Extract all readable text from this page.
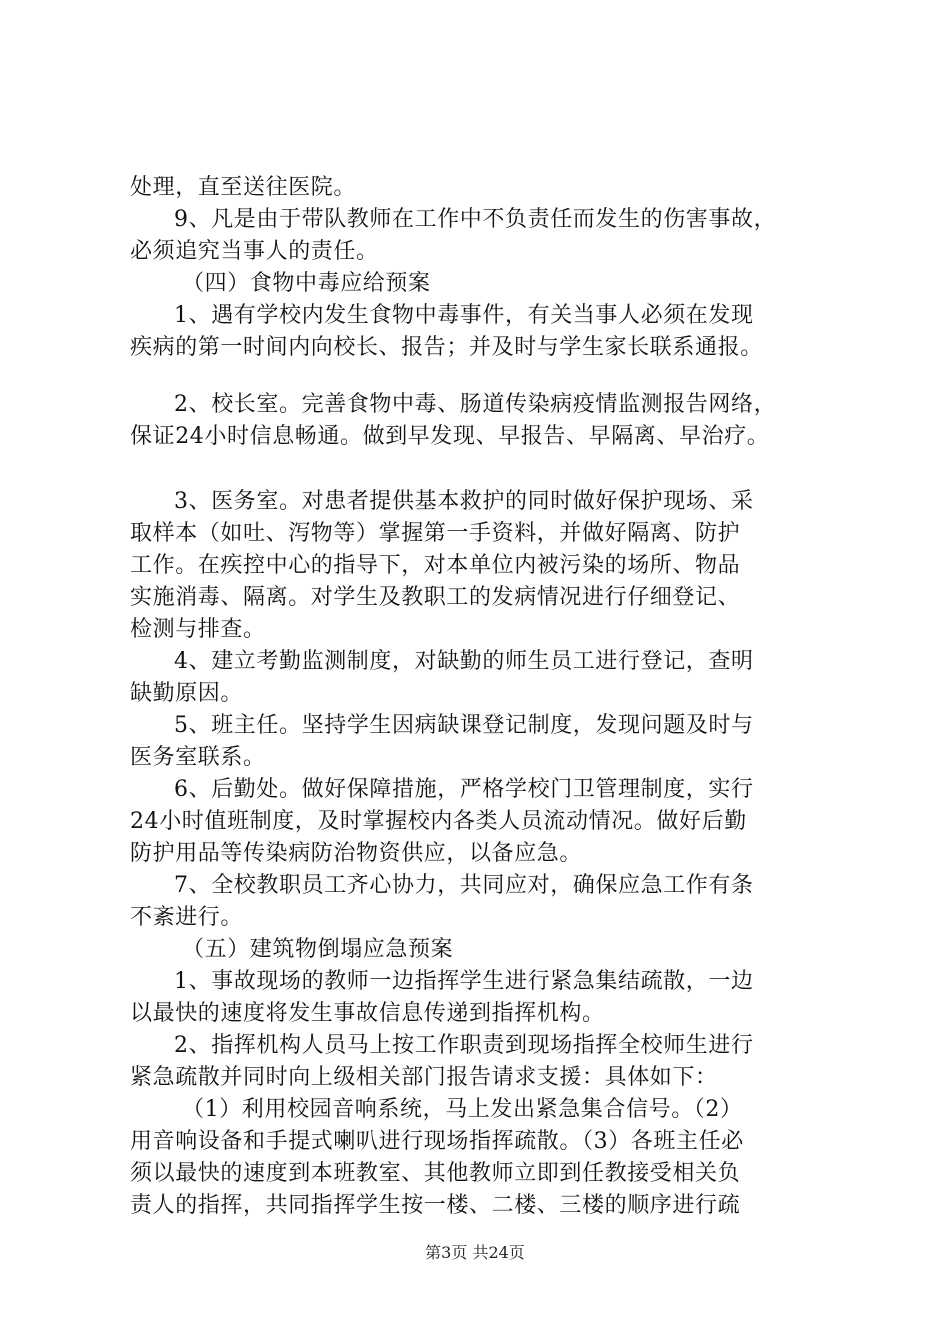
处理，直至送往医院。
9、凡是由于带队教师在工作中不负责任而发生的伤害事故，
必须追究当事人的责任。
（四）食物中毒应给预案
1、遇有学校内发生食物中毒事件，有关当事人必须在发现
疾病的第一时间内向校长、报告；并及时与学生家长联系通报。
2、校长室。完善食物中毒、肠道传染病疫情监测报告网络，
保证24小时信息畅通。做到早发现、早报告、早隔离、早治疗。
3、医务室。对患者提供基本救护的同时做好保护现场、采
取样本（如吐、泻物等）掌握第一手资料，并做好隔离、防护
工作。在疾控中心的指导下，对本单位内被污染的场所、物品
实施消毒、隔离。对学生及教职工的发病情况进行仔细登记、
检测与排查。
4、建立考勤监测制度，对缺勤的师生员工进行登记，查明
缺勤原因。
5、班主任。坚持学生因病缺课登记制度，发现问题及时与
医务室联系。
6、后勤处。做好保障措施，严格学校门卫管理制度，实行
24小时值班制度，及时掌握校内各类人员流动情况。做好后勤
防护用品等传染病防治物资供应，以备应急。
7、全校教职员工齐心协力，共同应对，确保应急工作有条
不紊进行。
（五）建筑物倒塌应急预案
1、事故现场的教师一边指挥学生进行紧急集结疏散，一边
以最快的速度将发生事故信息传递到指挥机构。
2、指挥机构人员马上按工作职责到现场指挥全校师生进行
紧急疏散并同时向上级相关部门报告请求支援：具体如下：
（1）利用校园音响系统，马上发出紧急集合信号。（2）
用音响设备和手提式喇叭进行现场指挥疏散。（3）各班主任必
须以最快的速度到本班教室、其他教师立即到任教接受相关负
责人的指挥，共同指挥学生按一楼、二楼、三楼的顺序进行疏
第3页 共24页
